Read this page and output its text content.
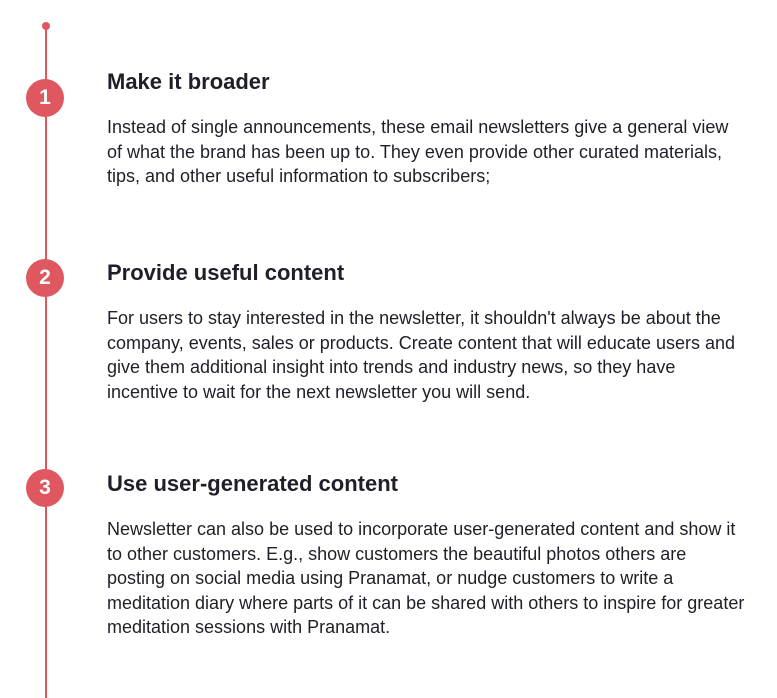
1
Make it broader

Instead of single announcements, these email newsletters give a general view of what the brand has been up to. They even provide other curated materials, tips, and other useful information to subscribers;

2	Provide useful content

For users to stay interested in the newsletter, it shouldn't always be about the company, events, sales or products. Create content that will educate users and give them additional insight into trends and industry news, so they have incentive to wait for the next newsletter you will send.

3	Use user-generated content

Newsletter can also be used to incorporate user-generated content and show it to other customers. E.g., show customers the beautiful photos others are posting on social media using Pranamat, or nudge customers to write a meditation diary where parts of it can be shared with others to inspire for greater meditation sessions with Pranamat.
